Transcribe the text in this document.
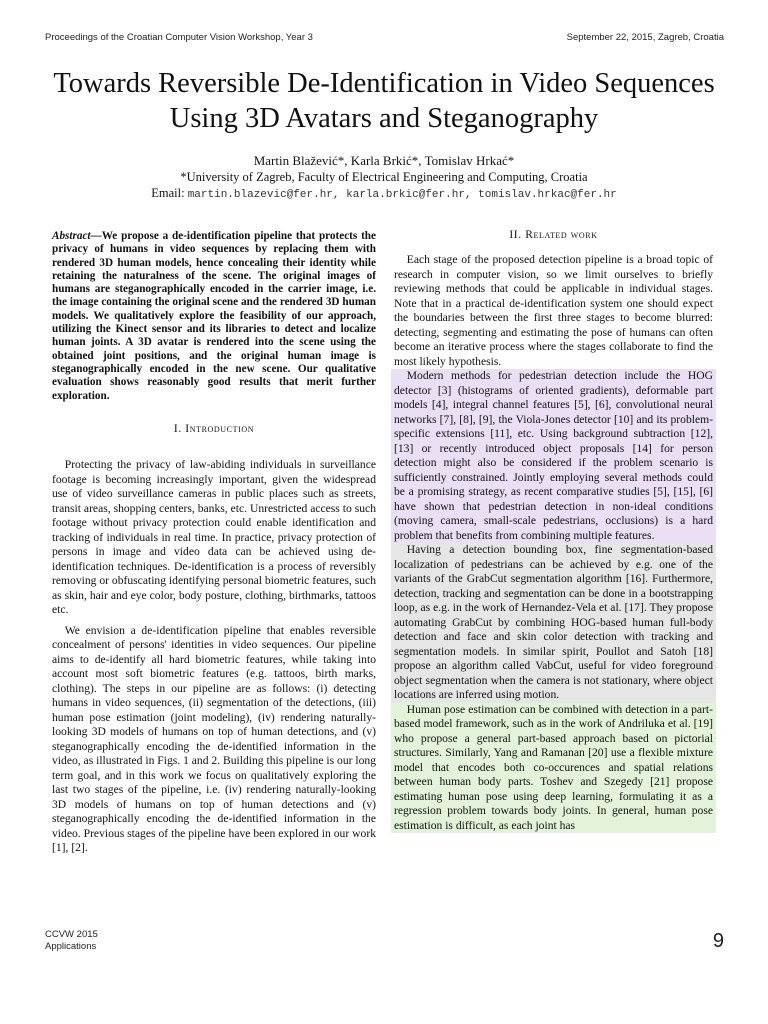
Proceedings of the Croatian Computer Vision Workshop, Year 3	September 22, 2015, Zagreb, Croatia
Towards Reversible De-Identification in Video Sequences Using 3D Avatars and Steganography
Martin Blažević*, Karla Brkić*, Tomislav Hrkać*
*University of Zagreb, Faculty of Electrical Engineering and Computing, Croatia
Email: martin.blazevic@fer.hr, karla.brkic@fer.hr, tomislav.hrkac@fer.hr
Abstract—We propose a de-identification pipeline that protects the privacy of humans in video sequences by replacing them with rendered 3D human models, hence concealing their identity while retaining the naturalness of the scene. The original images of humans are steganographically encoded in the carrier image, i.e. the image containing the original scene and the rendered 3D human models. We qualitatively explore the feasibility of our approach, utilizing the Kinect sensor and its libraries to detect and localize human joints. A 3D avatar is rendered into the scene using the obtained joint positions, and the original human image is steganographically encoded in the new scene. Our qualitative evaluation shows reasonably good results that merit further exploration.
I. Introduction

Protecting the privacy of law-abiding individuals in surveillance footage is becoming increasingly important, given the widespread use of video surveillance cameras in public places such as streets, transit areas, shopping centers, banks, etc. Unrestricted access to such footage without privacy protection could enable identification and tracking of individuals in real time. In practice, privacy protection of persons in image and video data can be achieved using de-identification techniques. De-identification is a process of reversibly removing or obfuscating identifying personal biometric features, such as skin, hair and eye color, body posture, clothing, birthmarks, tattoos etc.

We envision a de-identification pipeline that enables reversible concealment of persons' identities in video sequences. Our pipeline aims to de-identify all hard biometric features, while taking into account most soft biometric features (e.g. tattoos, birth marks, clothing). The steps in our pipeline are as follows: (i) detecting humans in video sequences, (ii) segmentation of the detections, (iii) human pose estimation (joint modeling), (iv) rendering naturally-looking 3D models of humans on top of human detections, and (v) steganographically encoding the de-identified information in the video, as illustrated in Figs. 1 and 2. Building this pipeline is our long term goal, and in this work we focus on qualitatively exploring the last two stages of the pipeline, i.e. (iv) rendering naturally-looking 3D models of humans on top of human detections and (v) steganographically encoding the de-identified information in the video. Previous stages of the pipeline have been explored in our work [1], [2].

II. Related work

Each stage of the proposed detection pipeline is a broad topic of research in computer vision, so we limit ourselves to briefly reviewing methods that could be applicable in individual stages. Note that in a practical de-identification system one should expect the boundaries between the first three stages to become blurred: detecting, segmenting and estimating the pose of humans can often become an iterative process where the stages collaborate to find the most likely hypothesis.

Modern methods for pedestrian detection include the HOG detector [3] (histograms of oriented gradients), deformable part models [4], integral channel features [5], [6], convolutional neural networks [7], [8], [9], the Viola-Jones detector [10] and its problem-specific extensions [11], etc. Using background subtraction [12], [13] or recently introduced object proposals [14] for person detection might also be considered if the problem scenario is sufficiently constrained. Jointly employing several methods could be a promising strategy, as recent comparative studies [5], [15], [6] have shown that pedestrian detection in non-ideal conditions (moving camera, small-scale pedestrians, occlusions) is a hard problem that benefits from combining multiple features.

Having a detection bounding box, fine segmentation-based localization of pedestrians can be achieved by e.g. one of the variants of the GrabCut segmentation algorithm [16]. Furthermore, detection, tracking and segmentation can be done in a bootstrapping loop, as e.g. in the work of Hernandez-Vela et al. [17]. They propose automating GrabCut by combining HOG-based human full-body detection and face and skin color detection with tracking and segmentation models. In similar spirit, Poullot and Satoh [18] propose an algorithm called VabCut, useful for video foreground object segmentation when the camera is not stationary, where object locations are inferred using motion.

Human pose estimation can be combined with detection in a part-based model framework, such as in the work of Andriluka et al. [19] who propose a general part-based approach based on pictorial structures. Similarly, Yang and Ramanan [20] use a flexible mixture model that encodes both co-occurences and spatial relations between human body parts. Toshev and Szegedy [21] propose estimating human pose using deep learning, formulating it as a regression problem towards body joints. In general, human pose estimation is difficult, as each joint has

CCVW 2015
Applications	9
